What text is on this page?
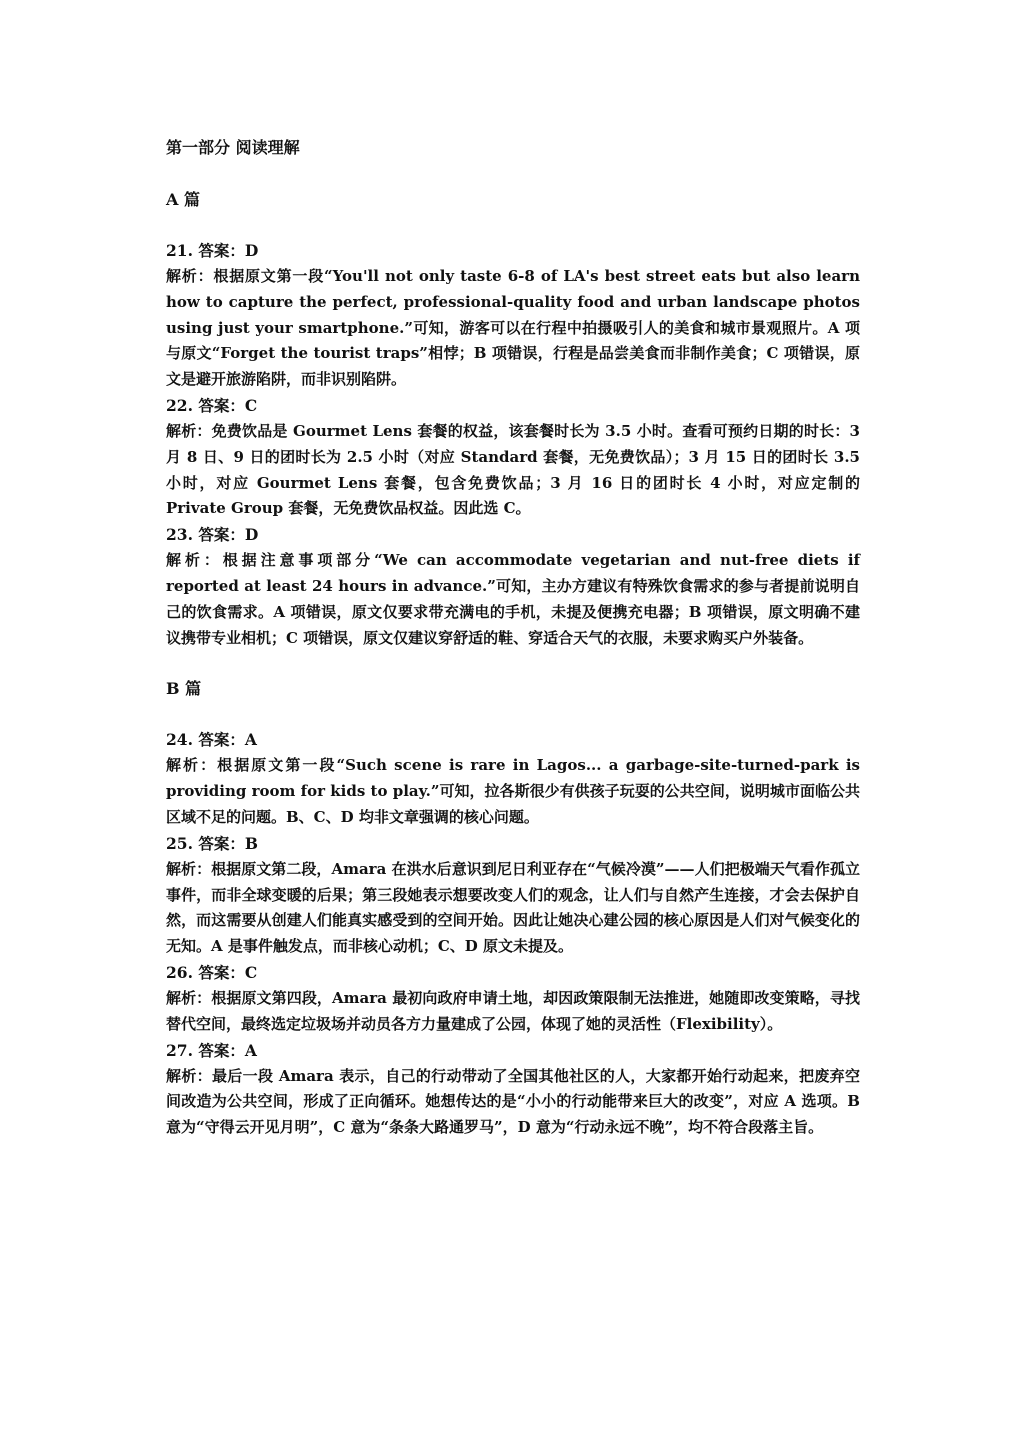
第一部分 阅读理解
A 篇

21. 答案：D

解析：根据原文第一段“You'll not only taste 6-8 of LA's best street eats but also learn how to capture the perfect, professional-quality food and urban landscape photos using just your smartphone.”可知，游客可以在行程中拍摄吸引人的美食和城市景观照片。A 项与原文“Forget the tourist traps”相悖；B 项错误，行程是品尝美食而非制作美食；C 项错误，原文是避开旅游陷阱，而非识别陷阱。

22. 答案：C

解析：免费饮品是 Gourmet Lens 套餐的权益，该套餐时长为 3.5 小时。查看可预约日期的时长：3 月 8 日、9 日的团时长为 2.5 小时（对应 Standard 套餐，无免费饮品）；3 月 15 日的团时长 3.5 小时，对应 Gourmet Lens 套餐，包含免费饮品；3 月 16 日的团时长 4 小时，对应定制的 Private Group 套餐，无免费饮品权益。因此选 C。

23. 答案：D

解析：根据注意事项部分“We can accommodate vegetarian and nut-free diets if reported at least 24 hours in advance.”可知，主办方建议有特殊饮食需求的参与者提前说明自己的饮食需求。A 项错误，原文仅要求带充满电的手机，未提及便携充电器；B 项错误，原文明确不建议携带专业相机；C 项错误，原文仅建议穿舒适的鞋、穿适合天气的衣服，未要求购买户外装备。

B 篇

24. 答案：A

解析：根据原文第一段“Such scene is rare in Lagos... a garbage-site-turned-park is providing room for kids to play.”可知，拉各斯很少有供孩子玩耍的公共空间，说明城市面临公共区域不足的问题。B、C、D 均非文章强调的核心问题。

25. 答案：B

解析：根据原文第二段，Amara 在洪水后意识到尼日利亚存在“气候冷漠”——人们把极端天气看作孤立事件，而非全球变暖的后果；第三段她表示想要改变人们的观念，让人们与自然产生连接，才会去保护自然，而这需要从创建人们能真实感受到的空间开始。因此让她决心建公园的核心原因是人们对气候变化的无知。A 是事件触发点，而非核心动机；C、D 原文未提及。

26. 答案：C

解析：根据原文第四段，Amara 最初向政府申请土地，却因政策限制无法推进，她随即改变策略，寻找替代空间，最终选定垃圾场并动员各方力量建成了公园，体现了她的灵活性（Flexibility）。

27. 答案：A

解析：最后一段 Amara 表示，自己的行动带动了全国其他社区的人，大家都开始行动起来，把废弃空间改造为公共空间，形成了正向循环。她想传达的是“小小的行动能带来巨大的改变”，对应 A 选项。B 意为“守得云开见月明”，C 意为“条条大路通罗马”，D 意为“行动永远不晚”，均不符合段落主旨。
